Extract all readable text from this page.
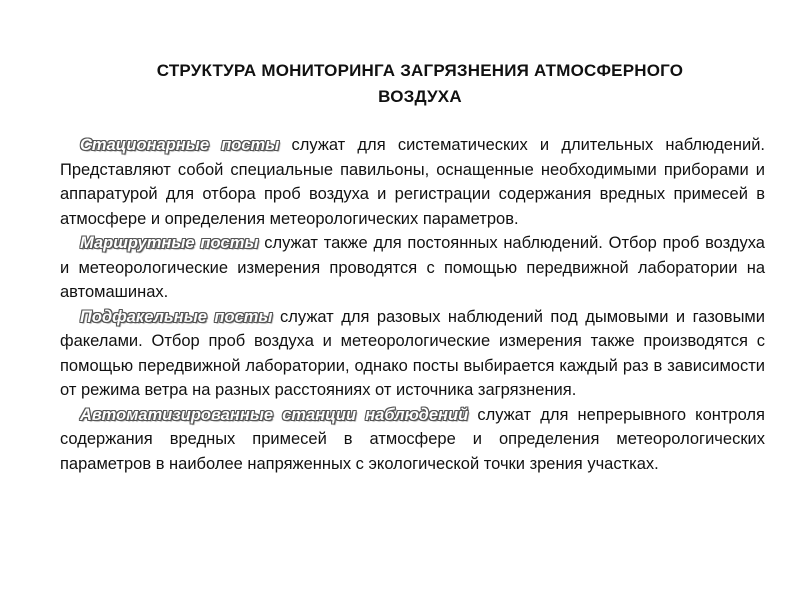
СТРУКТУРА МОНИТОРИНГА ЗАГРЯЗНЕНИЯ АТМОСФЕРНОГО
ВОЗДУХА

Стационарные посты служат для систематических и длительных наблюдений. Представляют собой специальные павильоны, оснащенные необходимыми приборами и аппаратурой для отбора проб воздуха и регистрации содержания вредных примесей в атмосфере и определения метеорологических параметров.

Маршрутные посты служат также для постоянных наблюдений. Отбор проб воздуха и метеорологические измерения проводятся с помощью передвижной лаборатории на автомашинах.

Подфакельные посты служат для разовых наблюдений под дымовыми и газовыми факелами. Отбор проб воздуха и метеорологические измерения также производятся с помощью передвижной лаборатории, однако посты выбирается каждый раз в зависимости от режима ветра на разных расстояниях от источника загрязнения.

Автоматизированные станции наблюдений служат для непрерывного контроля содержания вредных примесей в атмосфере и определения метеорологических параметров в наиболее напряженных с экологической точки зрения участках.
